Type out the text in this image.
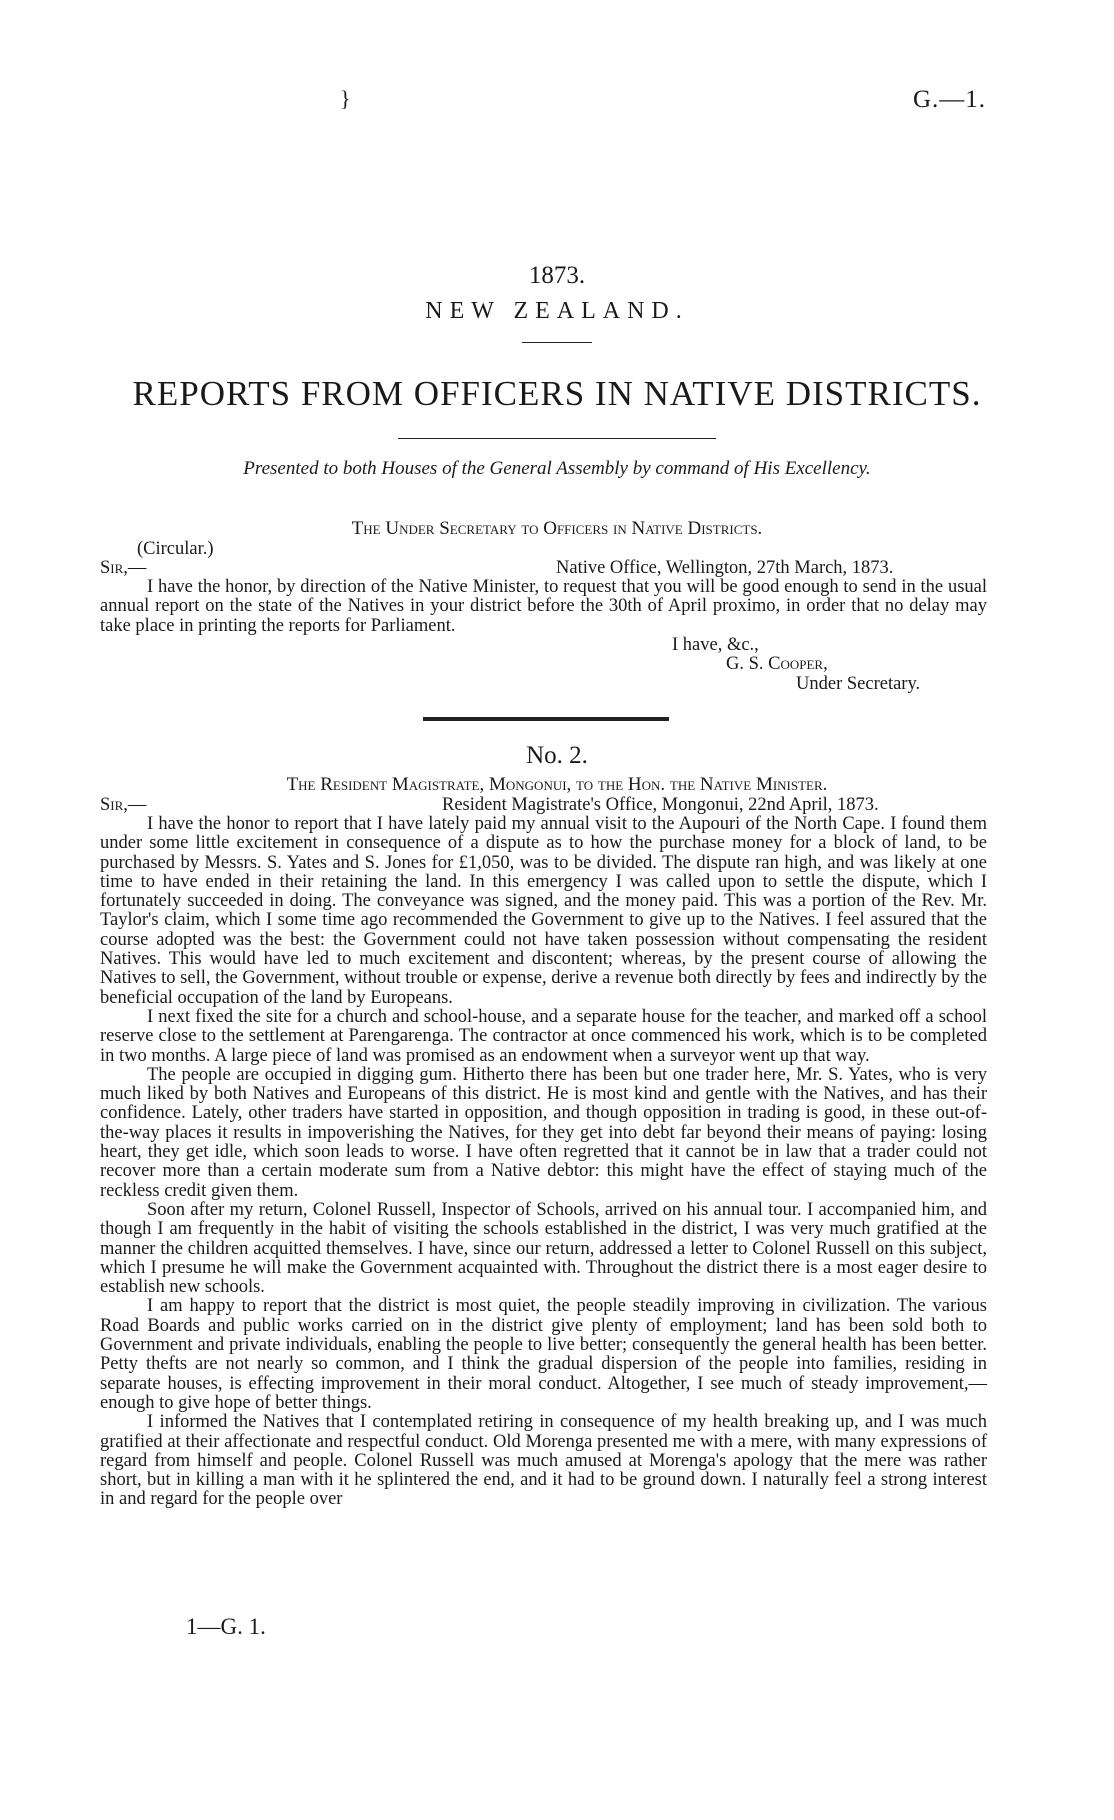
}	G.—1.
1873.
NEW ZEALAND.
REPORTS FROM OFFICERS IN NATIVE DISTRICTS.
Presented to both Houses of the General Assembly by command of His Excellency.
The Under Secretary to Officers in Native Districts.
(Circular.)
Sir,—	Native Office, Wellington, 27th March, 1873.

I have the honor, by direction of the Native Minister, to request that you will be good enough to send in the usual annual report on the state of the Natives in your district before the 30th of April proximo, in order that no delay may take place in printing the reports for Parliament.

I have, &c.,
G. S. Cooper,
Under Secretary.
No. 2.
The Resident Magistrate, Mongonui, to the Hon. the Native Minister.
Sir,—	Resident Magistrate's Office, Mongonui, 22nd April, 1873.

I have the honor to report that I have lately paid my annual visit to the Aupouri of the North Cape. I found them under some little excitement in consequence of a dispute as to how the purchase money for a block of land, to be purchased by Messrs. S. Yates and S. Jones for £1,050, was to be divided. The dispute ran high, and was likely at one time to have ended in their retaining the land. In this emergency I was called upon to settle the dispute, which I fortunately succeeded in doing. The conveyance was signed, and the money paid. This was a portion of the Rev. Mr. Taylor's claim, which I some time ago recommended the Government to give up to the Natives. I feel assured that the course adopted was the best: the Government could not have taken possession without compensating the resident Natives. This would have led to much excitement and discontent; whereas, by the present course of allowing the Natives to sell, the Government, without trouble or expense, derive a revenue both directly by fees and indirectly by the beneficial occupation of the land by Europeans.

I next fixed the site for a church and school-house, and a separate house for the teacher, and marked off a school reserve close to the settlement at Parengarenga. The contractor at once commenced his work, which is to be completed in two months. A large piece of land was promised as an endowment when a surveyor went up that way.

The people are occupied in digging gum. Hitherto there has been but one trader here, Mr. S. Yates, who is very much liked by both Natives and Europeans of this district. He is most kind and gentle with the Natives, and has their confidence. Lately, other traders have started in opposition, and though opposition in trading is good, in these out-of-the-way places it results in impoverishing the Natives, for they get into debt far beyond their means of paying: losing heart, they get idle, which soon leads to worse. I have often regretted that it cannot be in law that a trader could not recover more than a certain moderate sum from a Native debtor: this might have the effect of staying much of the reckless credit given them.

Soon after my return, Colonel Russell, Inspector of Schools, arrived on his annual tour. I accompanied him, and though I am frequently in the habit of visiting the schools established in the district, I was very much gratified at the manner the children acquitted themselves. I have, since our return, addressed a letter to Colonel Russell on this subject, which I presume he will make the Government acquainted with. Throughout the district there is a most eager desire to establish new schools.

I am happy to report that the district is most quiet, the people steadily improving in civilization. The various Road Boards and public works carried on in the district give plenty of employment; land has been sold both to Government and private individuals, enabling the people to live better; consequently the general health has been better. Petty thefts are not nearly so common, and I think the gradual dispersion of the people into families, residing in separate houses, is effecting improvement in their moral conduct. Altogether, I see much of steady improvement,—enough to give hope of better things.

I informed the Natives that I contemplated retiring in consequence of my health breaking up, and I was much gratified at their affectionate and respectful conduct. Old Morenga presented me with a mere, with many expressions of regard from himself and people. Colonel Russell was much amused at Morenga's apology that the mere was rather short, but in killing a man with it he splintered the end, and it had to be ground down. I naturally feel a strong interest in and regard for the people over

1—G. 1.
